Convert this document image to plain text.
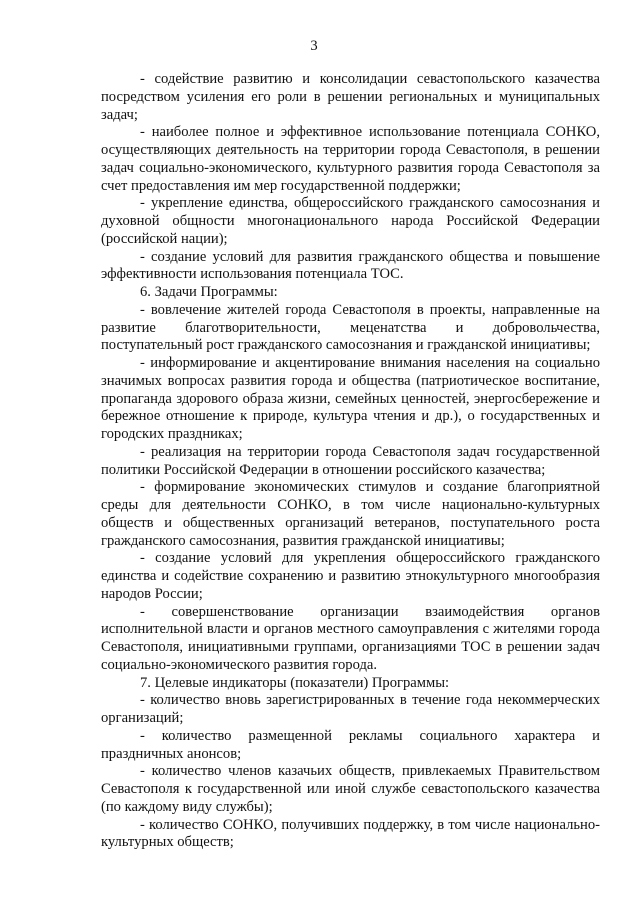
3

- содействие развитию и консолидации севастопольского казачества посредством усиления его роли в решении региональных и муниципальных задач;

- наиболее полное и эффективное использование потенциала СОНКО, осуществляющих деятельность на территории города Севастополя, в решении задач социально-экономического, культурного развития города Севастополя за счет предоставления им мер государственной поддержки;

- укрепление единства, общероссийского гражданского самосознания и духовной общности многонационального народа Российской Федерации (российской нации);

- создание условий для развития гражданского общества и повышение эффективности использования потенциала ТОС.

6. Задачи Программы:

- вовлечение жителей города Севастополя в проекты, направленные на развитие благотворительности, меценатства и добровольчества, поступательный рост гражданского самосознания и гражданской инициативы;

- информирование и акцентирование внимания населения на социально значимых вопросах развития города и общества (патриотическое воспитание, пропаганда здорового образа жизни, семейных ценностей, энергосбережение и бережное отношение к природе, культура чтения и др.), о государственных и городских праздниках;

- реализация на территории города Севастополя задач государственной политики Российской Федерации в отношении российского казачества;

- формирование экономических стимулов и создание благоприятной среды для деятельности СОНКО, в том числе национально-культурных обществ и общественных организаций ветеранов, поступательного роста гражданского самосознания, развития гражданской инициативы;

- создание условий для укрепления общероссийского гражданского единства и содействие сохранению и развитию этнокультурного многообразия народов России;

- совершенствование организации взаимодействия органов исполнительной власти и органов местного самоуправления с жителями города Севастополя, инициативными группами, организациями ТОС в решении задач социально-экономического развития города.

7. Целевые индикаторы (показатели) Программы:

- количество вновь зарегистрированных в течение года некоммерческих организаций;

- количество размещенной рекламы социального характера и праздничных анонсов;

- количество членов казачьих обществ, привлекаемых Правительством Севастополя к государственной или иной службе севастопольского казачества (по каждому виду службы);

- количество СОНКО, получивших поддержку, в том числе национально-культурных обществ;
